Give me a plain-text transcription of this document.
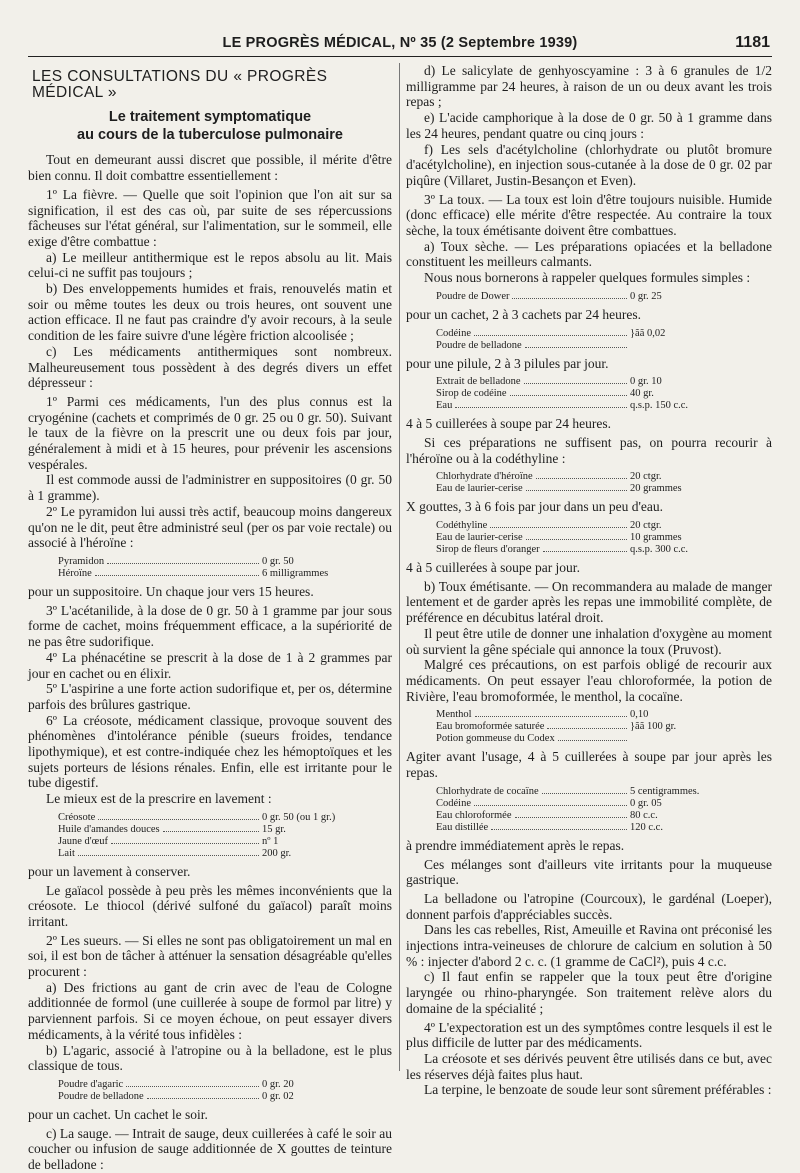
LE PROGRÈS MÉDICAL, Nº 35 (2 Septembre 1939)	1181
LES CONSULTATIONS DU « PROGRÈS MÉDICAL »
Le traitement symptomatique
au cours de la tuberculose pulmonaire

Tout en demeurant aussi discret que possible, il mérite d'être bien connu. Il doit combattre essentiellement :

1º La fièvre. — Quelle que soit l'opinion que l'on ait sur sa signification, il est des cas où, par suite de ses répercussions fâcheuses sur l'état général, sur l'alimentation, sur le sommeil, elle exige d'être combattue :

a) Le meilleur antithermique est le repos absolu au lit. Mais celui-ci ne suffit pas toujours ;

b) Des enveloppements humides et frais, renouvelés matin et soir ou même toutes les deux ou trois heures, ont souvent une action efficace. Il ne faut pas craindre d'y avoir recours, à la seule condition de les faire suivre d'une légère friction alcoolisée ;

c) Les médicaments antithermiques sont nombreux. Malheureusement tous possèdent à des degrés divers un effet dépresseur :

1º Parmi ces médicaments, l'un des plus connus est la cryogénine (cachets et comprimés de 0 gr. 25 ou 0 gr. 50). Suivant le taux de la fièvre on la prescrit une ou deux fois par jour, généralement à midi et à 15 heures, pour prévenir les ascensions vespérales.

Il est commode aussi de l'administrer en suppositoires (0 gr. 50 à 1 gramme).

2º Le pyramidon lui aussi très actif, beaucoup moins dangereux qu'on ne le dit, peut être administré seul (per os par voie rectale) ou associé à l'héroïne :

Pyramidon	0 gr. 50
Héroïne	6 milligrammes

pour un suppositoire. Un chaque jour vers 15 heures.

3º L'acétanilide, à la dose de 0 gr. 50 à 1 gramme par jour sous forme de cachet, moins fréquemment efficace, a la supériorité de ne pas être sudorifique.

4º La phénacétine se prescrit à la dose de 1 à 2 grammes par jour en cachet ou en élixir.

5º L'aspirine a une forte action sudorifique et, per os, détermine parfois des brûlures gastrique.

6º La créosote, médicament classique, provoque souvent des phénomènes d'intolérance pénible (sueurs froides, tendance lipothymique), et est contre-indiquée chez les hémoptoïques et les sujets porteurs de lésions rénales. Enfin, elle est irritante pour le tube digestif.

Le mieux est de la prescrire en lavement :

Créosote	0 gr. 50 (ou 1 gr.)
Huile d'amandes douces	15 gr.
Jaune d'œuf	nº 1
Lait	200 gr.

pour un lavement à conserver.

Le gaïacol possède à peu près les mêmes inconvénients que la créosote. Le thiocol (dérivé sulfoné du gaïacol) paraît moins irritant.

2º Les sueurs. — Si elles ne sont pas obligatoirement un mal en soi, il est bon de tâcher à atténuer la sensation désagréable qu'elles procurent :

a) Des frictions au gant de crin avec de l'eau de Cologne additionnée de formol (une cuillerée à soupe de formol par litre) y parviennent parfois. Si ce moyen échoue, on peut essayer divers médicaments, à la vérité tous infidèles :

b) L'agaric, associé à l'atropine ou à la belladone, est le plus classique de tous.

Poudre d'agaric	0 gr. 20
Poudre de belladone	0 gr. 02

pour un cachet. Un cachet le soir.

c) La sauge. — Intrait de sauge, deux cuillerées à café le soir au coucher ou infusion de sauge additionnée de X gouttes de teinture de belladone :

d) Le salicylate de genhyoscyamine : 3 à 6 granules de 1/2 milligramme par 24 heures, à raison de un ou deux avant les trois repas ;

e) L'acide camphorique à la dose de 0 gr. 50 à 1 gramme dans les 24 heures, pendant quatre ou cinq jours :

f) Les sels d'acétylcholine (chlorhydrate ou plutôt bromure d'acétylcholine), en injection sous-cutanée à la dose de 0 gr. 02 par piqûre (Villaret, Justin-Besançon et Even).

3º La toux. — La toux est loin d'être toujours nuisible. Humide (donc efficace) elle mérite d'être respectée. Au contraire la toux sèche, la toux émétisante doivent être combattues.

a) Toux sèche. — Les préparations opiacées et la belladone constituent les meilleurs calmants.

Nous nous bornerons à rappeler quelques formules simples :

Poudre de Dower	0 gr. 25

pour un cachet, 2 à 3 cachets par 24 heures.

Codéine	}ãã 0,02
Poudre de belladone

pour une pilule, 2 à 3 pilules par jour.

Extrait de belladone	0 gr. 10
Sirop de codéine	40 gr.
Eau	q.s.p. 150 c.c.

4 à 5 cuillerées à soupe par 24 heures.

Si ces préparations ne suffisent pas, on pourra recourir à l'héroïne ou à la codéthyline :

Chlorhydrate d'héroïne	20 ctgr.
Eau de laurier-cerise	20 grammes

X gouttes, 3 à 6 fois par jour dans un peu d'eau.

Codéthyline	20 ctgr.
Eau de laurier-cerise	10 grammes
Sirop de fleurs d'oranger	q.s.p. 300 c.c.

4 à 5 cuillerées à soupe par jour.

b) Toux émétisante. — On recommandera au malade de manger lentement et de garder après les repas une immobilité complète, de préférence en décubitus latéral droit.

Il peut être utile de donner une inhalation d'oxygène au moment où survient la gêne spéciale qui annonce la toux (Pruvost).

Malgré ces précautions, on est parfois obligé de recourir aux médicaments. On peut essayer l'eau chloroformée, la potion de Rivière, l'eau bromoformée, le menthol, la cocaïne.

Menthol	0,10
Eau bromoformée saturée	}ãã 100 gr.
Potion gommeuse du Codex

Agiter avant l'usage, 4 à 5 cuillerées à soupe par jour après les repas.

Chlorhydrate de cocaïne	5 centigrammes.
Codéine	0 gr. 05
Eau chloroformée	80 c.c.
Eau distillée	120 c.c.

à prendre immédiatement après le repas.

Ces mélanges sont d'ailleurs vite irritants pour la muqueuse gastrique.

La belladone ou l'atropine (Courcoux), le gardénal (Loeper), donnent parfois d'appréciables succès.

Dans les cas rebelles, Rist, Ameuille et Ravina ont préconisé les injections intra-veineuses de chlorure de calcium en solution à 50 % : injecter d'abord 2 c. c. (1 gramme de CaCl²), puis 4 c.c.

c) Il faut enfin se rappeler que la toux peut être d'origine laryngée ou rhino-pharyngée. Son traitement relève alors du domaine de la spécialité ;

4º L'expectoration est un des symptômes contre lesquels il est le plus difficile de lutter par des médicaments.

La créosote et ses dérivés peuvent être utilisés dans ce but, avec les réserves déjà faites plus haut.

La terpine, le benzoate de soude leur sont sûrement préférables :
